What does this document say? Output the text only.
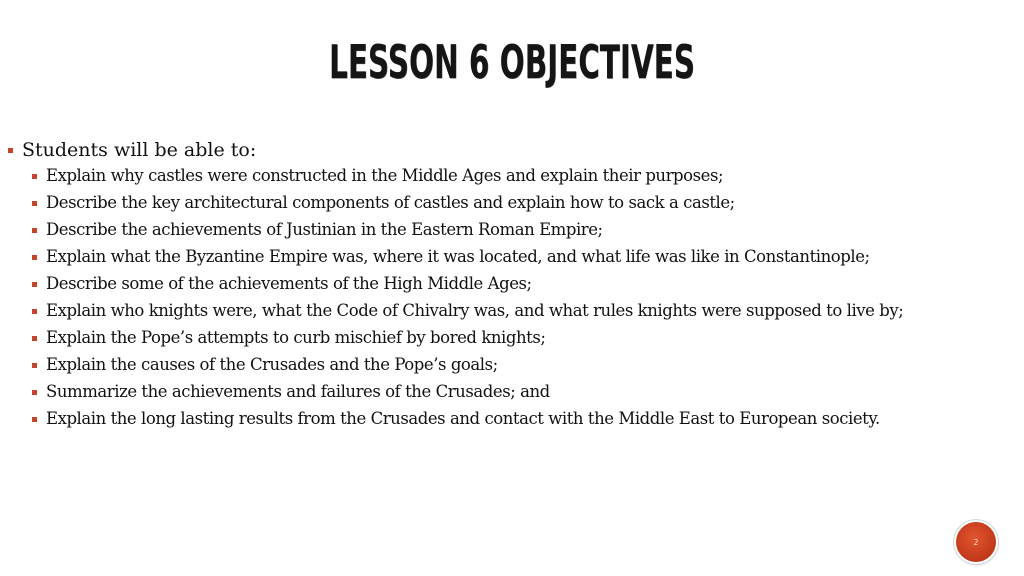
LESSON 6 OBJECTIVES
Students will be able to:
Explain why castles were constructed in the Middle Ages and explain their purposes;
Describe the key architectural components of castles and explain how to sack a castle;
Describe the achievements of Justinian in the Eastern Roman Empire;
Explain what the Byzantine Empire was, where it was located, and what life was like in Constantinople;
Describe some of the achievements of the High Middle Ages;
Explain who knights were, what the Code of Chivalry was, and what rules knights were supposed to live by;
Explain the Pope’s attempts to curb mischief by bored knights;
Explain the causes of the Crusades and the Pope’s goals;
Summarize the achievements and failures of the Crusades; and
Explain the long lasting results from the Crusades and contact with the Middle East to European society.
2
